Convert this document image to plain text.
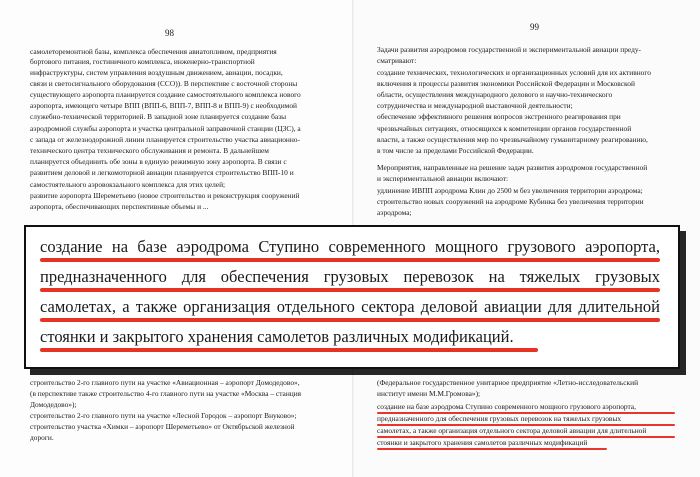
98
самолеторемонтной базы, комплекса обеспечения авиатопливом, предприятия
бортового питания, гостиничного комплекса, инженерно-транспортной
инфраструктуры, систем управления воздушным движением, авиации, посадки,
связи и светосигнального оборудования (ССО)). В перспективе с восточной стороны
существующего аэропорта планируется создание самостоятельного комплекса нового
аэропорта, имеющего четыре ВПП (ВПП-6, ВПП-7, ВПП-8 и ВПП-9) с необходимой
служебно-технической территорией. В западной зоне планируется создание базы
аэродромной службы аэропорта и участка центральной заправочной станции (ЦЗС), а
с запада от железнодорожной линии планируется строительство участка авиационно-
технического центра технического обслуживания и ремонта. В дальнейшем
планируется объединить обе зоны в единую режимную зону аэропорта. В связи с
развитием деловой и легкомоторной авиации планируется строительство ВПП-10 и
самостоятельного аэровокзального комплекса для этих целей;
развитие аэропорта Шереметьево (новое строительство и реконструкция сооружений
аэропорта, обеспечивающих перспективные объемы и ...
строительство 2-го главного пути на участке «Авиационная – аэропорт Домодедово»,
(в перспективе также строительство 4-го главного пути на участке «Москва – станция
Домодедово»);
строительство 2-го главного пути на участке «Лесной Городок – аэропорт Внуково»;
строительство участка «Химки – аэропорт Шереметьево» от Октябрьской железной
дороги.
99
Задачи развития аэродромов государственной и экспериментальной авиации преду-
сматривают:
создание технических, технологических и организационных условий для их активного
включения в процессы развития экономики Российской Федерации и Московской
области, осуществления международного делового и научно-технического
сотрудничества и международной выставочной деятельности;
обеспечение эффективного решения вопросов экстренного реагирования при
чрезвычайных ситуациях, относящихся к компетенции органов государственной
власти, а также осуществления мер по чрезвычайному гуманитарному реагированию,
в том числе за пределами Российской Федерации.
Мероприятия, направленные на решение задач развития аэродромов государственной
и экспериментальной авиации включают:
удлинение ИВПП аэродрома Клин до 2500 м без увеличения территории аэродрома;
строительство новых сооружений на аэродроме Кубинка без увеличения территории
аэродрома;
(Федеральное государственное унитарное предприятие «Летно-исследовательский
институт имени М.М.Громова»);
создание на базе аэродрома Ступино современного мощного грузового аэропорта,
предназначенного для обеспечения грузовых перевозок на тяжелых грузовых
самолетах, а также организация отдельного сектора деловой авиации для длительной
стоянки и закрытого хранения самолетов различных модификаций
создание на базе аэродрома Ступино современного мощного грузового аэропорта,
предназначенного для обеспечения грузовых перевозок на тяжелых грузовых
самолетах, а также организация отдельного сектора деловой авиации для длительной
стоянки и закрытого хранения самолетов различных модификаций.
